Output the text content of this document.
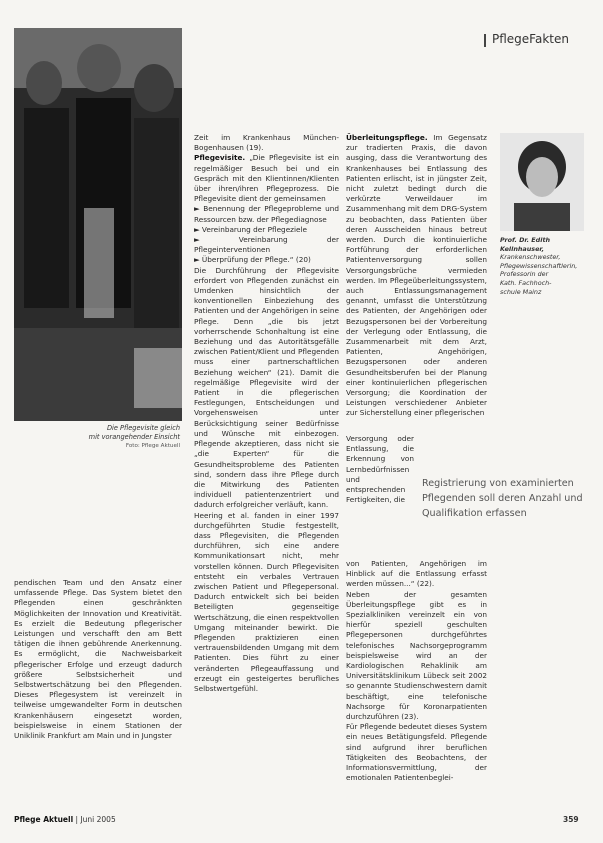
Die Pflegevisite gleich
mit vorangehender Einsicht
Foto: Pflege Aktuell
PflegeFakten
Prof. Dr. Edith Kellnhauser,
Krankenschwester,
Pflegewissenschaftlerin,
Professorin der
Kath. Fachhoch-
schule Mainz

pendischen Team und den Ansatz einer umfassende Pflege. Das System bietet den Pflegenden einen geschränkten Möglichkeiten der Innovation und Kreativität. Es erzielt die Bedeutung pflegerischer Leistungen und verschafft den am Bett tätigen die ihnen gebührende Anerkennung. Es ermöglicht, die Nachweisbarkeit pflegerischer Erfolge und erzeugt dadurch größere Selbstsicherheit und Selbstwertschätzung bei den Pflegenden. Dieses Pflegesystem ist vereinzelt in teilweise umgewandelter Form in deutschen Krankenhäusern eingesetzt worden, beispielsweise in einem Stationen der Uniklinik Frankfurt am Main und in Jungster

Zeit im Krankenhaus München-Bogenhausen (19).

Pflegevisite. „Die Pflegevisite ist ein regelmäßiger Besuch bei und ein Gespräch mit den Klientinnen/Klienten über ihren/ihren Pflegeprozess. Die Pflegevisite dient der gemeinsamen

► Benennung der Pflegeprobleme und Ressourcen bzw. der Pflegediagnose

► Vereinbarung der Pflegeziele

► Vereinbarung der Pflegeinterventionen

► Überprüfung der Pflege.“ (20)

Die Durchführung der Pflegevisite erfordert von Pflegenden zunächst ein Umdenken hinsichtlich der konventionellen Einbeziehung des Patienten und der Angehörigen in seine Pflege. Denn „die bis jetzt vorherrschende Schonhaltung ist eine Beziehung und das Autoritätsgefälle zwischen Patient/Klient und Pflegenden muss einer partnerschaftlichen Beziehung weichen“ (21). Damit die regelmäßige Pflegevisite wird der Patient in die pflegerischen Festlegungen, Entscheidungen und Vorgehensweisen unter Berücksichtigung seiner Bedürfnisse und Wünsche mit einbezogen. Pflegende akzeptieren, dass nicht sie „die Experten“ für die Gesundheitsprobleme des Patienten sind, sondern dass ihre Pflege durch die Mitwirkung des Patienten individuell patientenzentriert und dadurch erfolgreicher verläuft, kann.

Heering et al. fanden in einer 1997 durchgeführten Studie festgestellt, dass Pflegevisiten, die Pflegenden durchführen, sich eine andere Kommunikationsart nicht, mehr vorstellen können. Durch Pflegevisiten entsteht ein verbales Vertrauen zwischen Patient und Pflegepersonal. Dadurch entwickelt sich bei beiden Beteiligten gegenseitige Wertschätzung, die einen respektvollen Umgang miteinander bewirkt. Die Pflegenden praktizieren einen vertrauensbildenden Umgang mit dem Patienten. Dies führt zu einer veränderten Pflegeauffassung und erzeugt ein gesteigertes berufliches Selbstwertgefühl.

Überleitungspflege. Im Gegensatz zur tradierten Praxis, die davon ausging, dass die Verantwortung des Krankenhauses bei Entlassung des Patienten erlischt, ist in jüngster Zeit, nicht zuletzt bedingt durch die verkürzte Verweildauer im Zusammenhang mit dem DRG-System zu beobachten, dass Patienten über deren Ausscheiden hinaus betreut werden. Durch die kontinuierliche Fortführung der erforderlichen Patientenversorgung sollen Versorgungsbrüche vermieden werden. Im Pflegeüberleitungssystem, auch Entlassungsmanagement genannt, umfasst die Unterstützung des Patienten, der Angehörigen oder Bezugspersonen bei der Vorbereitung der Verlegung oder Entlassung, die Zusammenarbeit mit dem Arzt, Patienten, Angehörigen, Bezugspersonen oder anderen Gesundheitsberufen bei der Planung einer kontinuierlichen pflegerischen Versorgung; die Koordination der Leistungen verschiedener Anbieter zur Sicherstellung einer pflegerischen

Versorgung oder Entlassung, die Erkennung von Lernbedürfnissen und entsprechenden Fertigkeiten, die

von Patienten, Angehörigen im Hinblick auf die Entlassung erfasst werden müssen...“ (22).

Neben der gesamten Überleitungspflege gibt es in Spezialkliniken vereinzelt ein von hierfür speziell geschulten Pflegepersonen durchgeführtes telefonisches Nachsorgeprogramm beispielsweise wird an der Kardiologischen Rehaklinik am Universitätsklinikum Lübeck seit 2002 so genannte Studienschwestern damit beschäftigt, eine telefonische Nachsorge für Koronarpatienten durchzuführen (23).

Für Pflegende bedeutet dieses System ein neues Betätigungsfeld. Pflegende sind aufgrund ihrer beruflichen Tätigkeiten des Beobachtens, der Informationsvermittlung, der emotionalen Patientenbeglei-

Registrierung von examinierten Pflegenden soll deren Anzahl und Qualifikation erfassen
Pflege Aktuell | Juni 2005	359
